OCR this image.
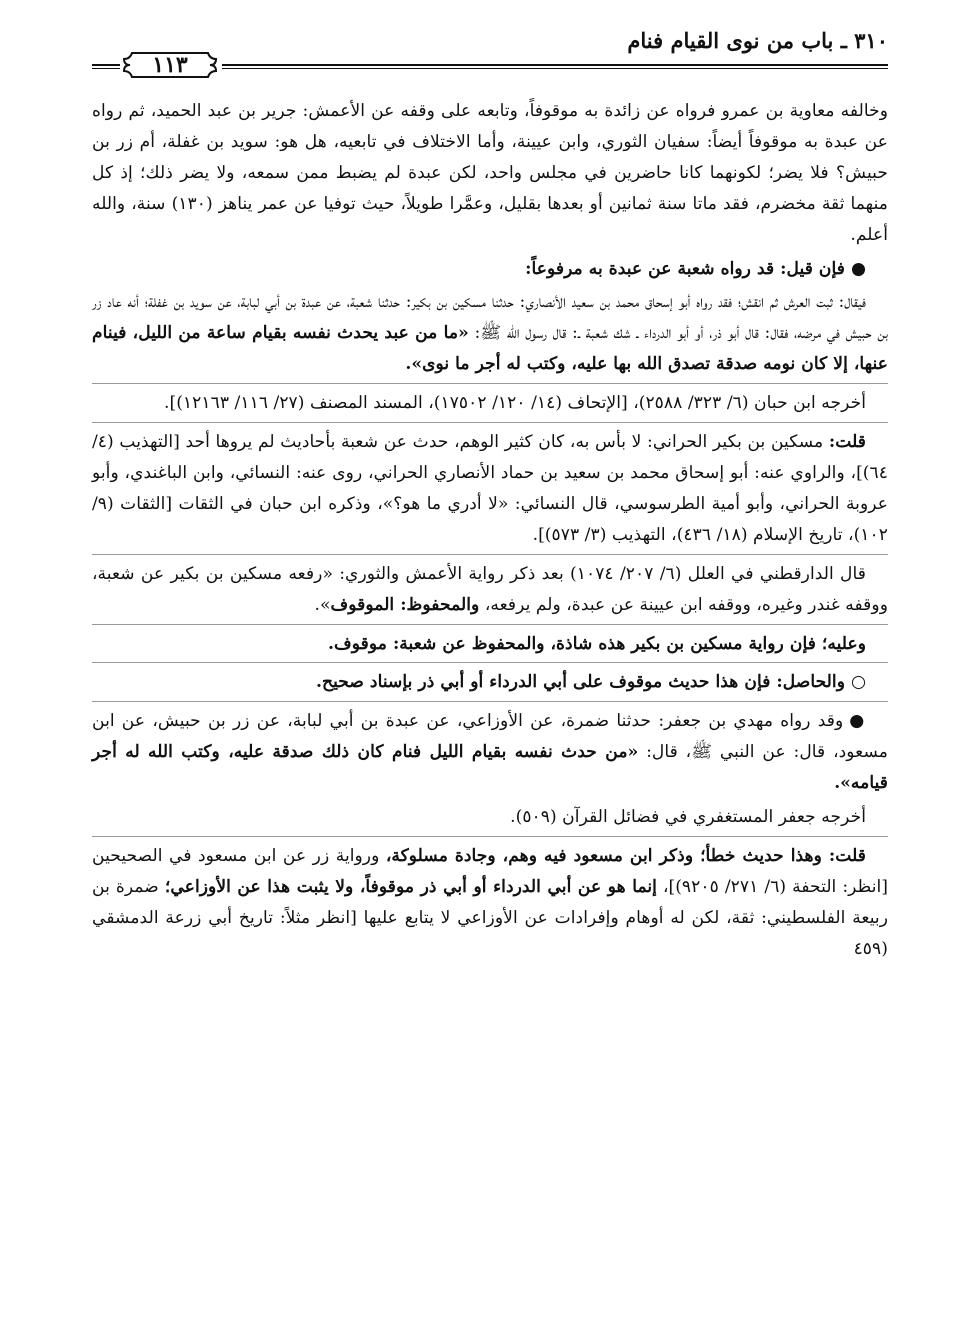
٣١٠ ـ باب من نوى القيام فنام
١١٣

وخالفه معاوية بن عمرو فرواه عن زائدة به موقوفاً، وتابعه على وقفه عن الأعمش: جرير بن عبد الحميد، ثم رواه عن عبدة به موقوفاً أيضاً: سفيان الثوري، وابن عيينة، وأما الاختلاف في تابعيه، هل هو: سويد بن غفلة، أم زر بن حبيش؟ فلا يضر؛ لكونهما كانا حاضرين في مجلس واحد، لكن عبدة لم يضبط ممن سمعه، ولا يضر ذلك؛ إذ كل منهما ثقة مخضرم، فقد ماتا سنة ثمانين أو بعدها بقليل، وعمَّرا طويلاً، حيث توفيا عن عمر يناهز (١٣٠) سنة، والله أعلم.

●فإن قيل: قد رواه شعبة عن عبدة به مرفوعاً:

فيقال: ثبت العرش ثم انقش؛ فقد رواه أبو إسحاق محمد بن سعيد الأنصاري: حدثنا مسكين بن بكير: حدثنا شعبة، عن عبدة بن أبي لبابة، عن سويد بن غفلة؛ أنه عاد زر بن حبيش في مرضه، فقال: قال أبو ذر، أو أبو الدرداء ـ شك شعبة ـ: قال رسول الله ﷺ: «ما من عبد يحدث نفسه بقيام ساعة من الليل، فينام عنها، إلا كان نومه صدقة تصدق الله بها عليه، وكتب له أجر ما نوى».

أخرجه ابن حبان (٦/ ٣٢٣/ ٢٥٨٨)، [الإتحاف (١٤/ ١٢٠/ ١٧٥٠٢)، المسند المصنف (٢٧/ ١١٦/ ١٢١٦٣)].

قلت: مسكين بن بكير الحراني: لا بأس به، كان كثير الوهم، حدث عن شعبة بأحاديث لم يروها أحد [التهذيب (٤/ ٦٤)]، والراوي عنه: أبو إسحاق محمد بن سعيد بن حماد الأنصاري الحراني، روى عنه: النسائي، وابن الباغندي، وأبو عروبة الحراني، وأبو أمية الطرسوسي، قال النسائي: «لا أدري ما هو؟»، وذكره ابن حبان في الثقات [الثقات (٩/ ١٠٢)، تاريخ الإسلام (١٨/ ٤٣٦)، التهذيب (٣/ ٥٧٣)].

قال الدارقطني في العلل (٦/ ٢٠٧/ ١٠٧٤) بعد ذكر رواية الأعمش والثوري: «رفعه مسكين بن بكير عن شعبة، ووقفه غندر وغيره، ووقفه ابن عيينة عن عبدة، ولم يرفعه، والمحفوظ: الموقوف».

وعليه؛ فإن رواية مسكين بن بكير هذه شاذة، والمحفوظ عن شعبة: موقوف.

○والحاصل: فإن هذا حديث موقوف على أبي الدرداء أو أبي ذر بإسناد صحيح.

●وقد رواه مهدي بن جعفر: حدثنا ضمرة، عن الأوزاعي، عن عبدة بن أبي لبابة، عن زر بن حبيش، عن ابن مسعود، قال: عن النبي ﷺ، قال: «من حدث نفسه بقيام الليل فنام كان ذلك صدقة عليه، وكتب الله له أجر قيامه».

أخرجه جعفر المستغفري في فضائل القرآن (٥٠٩).

قلت: وهذا حديث خطأ؛ وذكر ابن مسعود فيه وهم، وجادة مسلوكة، ورواية زر عن ابن مسعود في الصحيحين [انظر: التحفة (٦/ ٢٧١/ ٩٢٠٥)]، إنما هو عن أبي الدرداء أو أبي ذر موقوفاً، ولا يثبت هذا عن الأوزاعي؛ ضمرة بن ربيعة الفلسطيني: ثقة، لكن له أوهام وإفرادات عن الأوزاعي لا يتابع عليها [انظر مثلاً: تاريخ أبي زرعة الدمشقي (٤٥٩
